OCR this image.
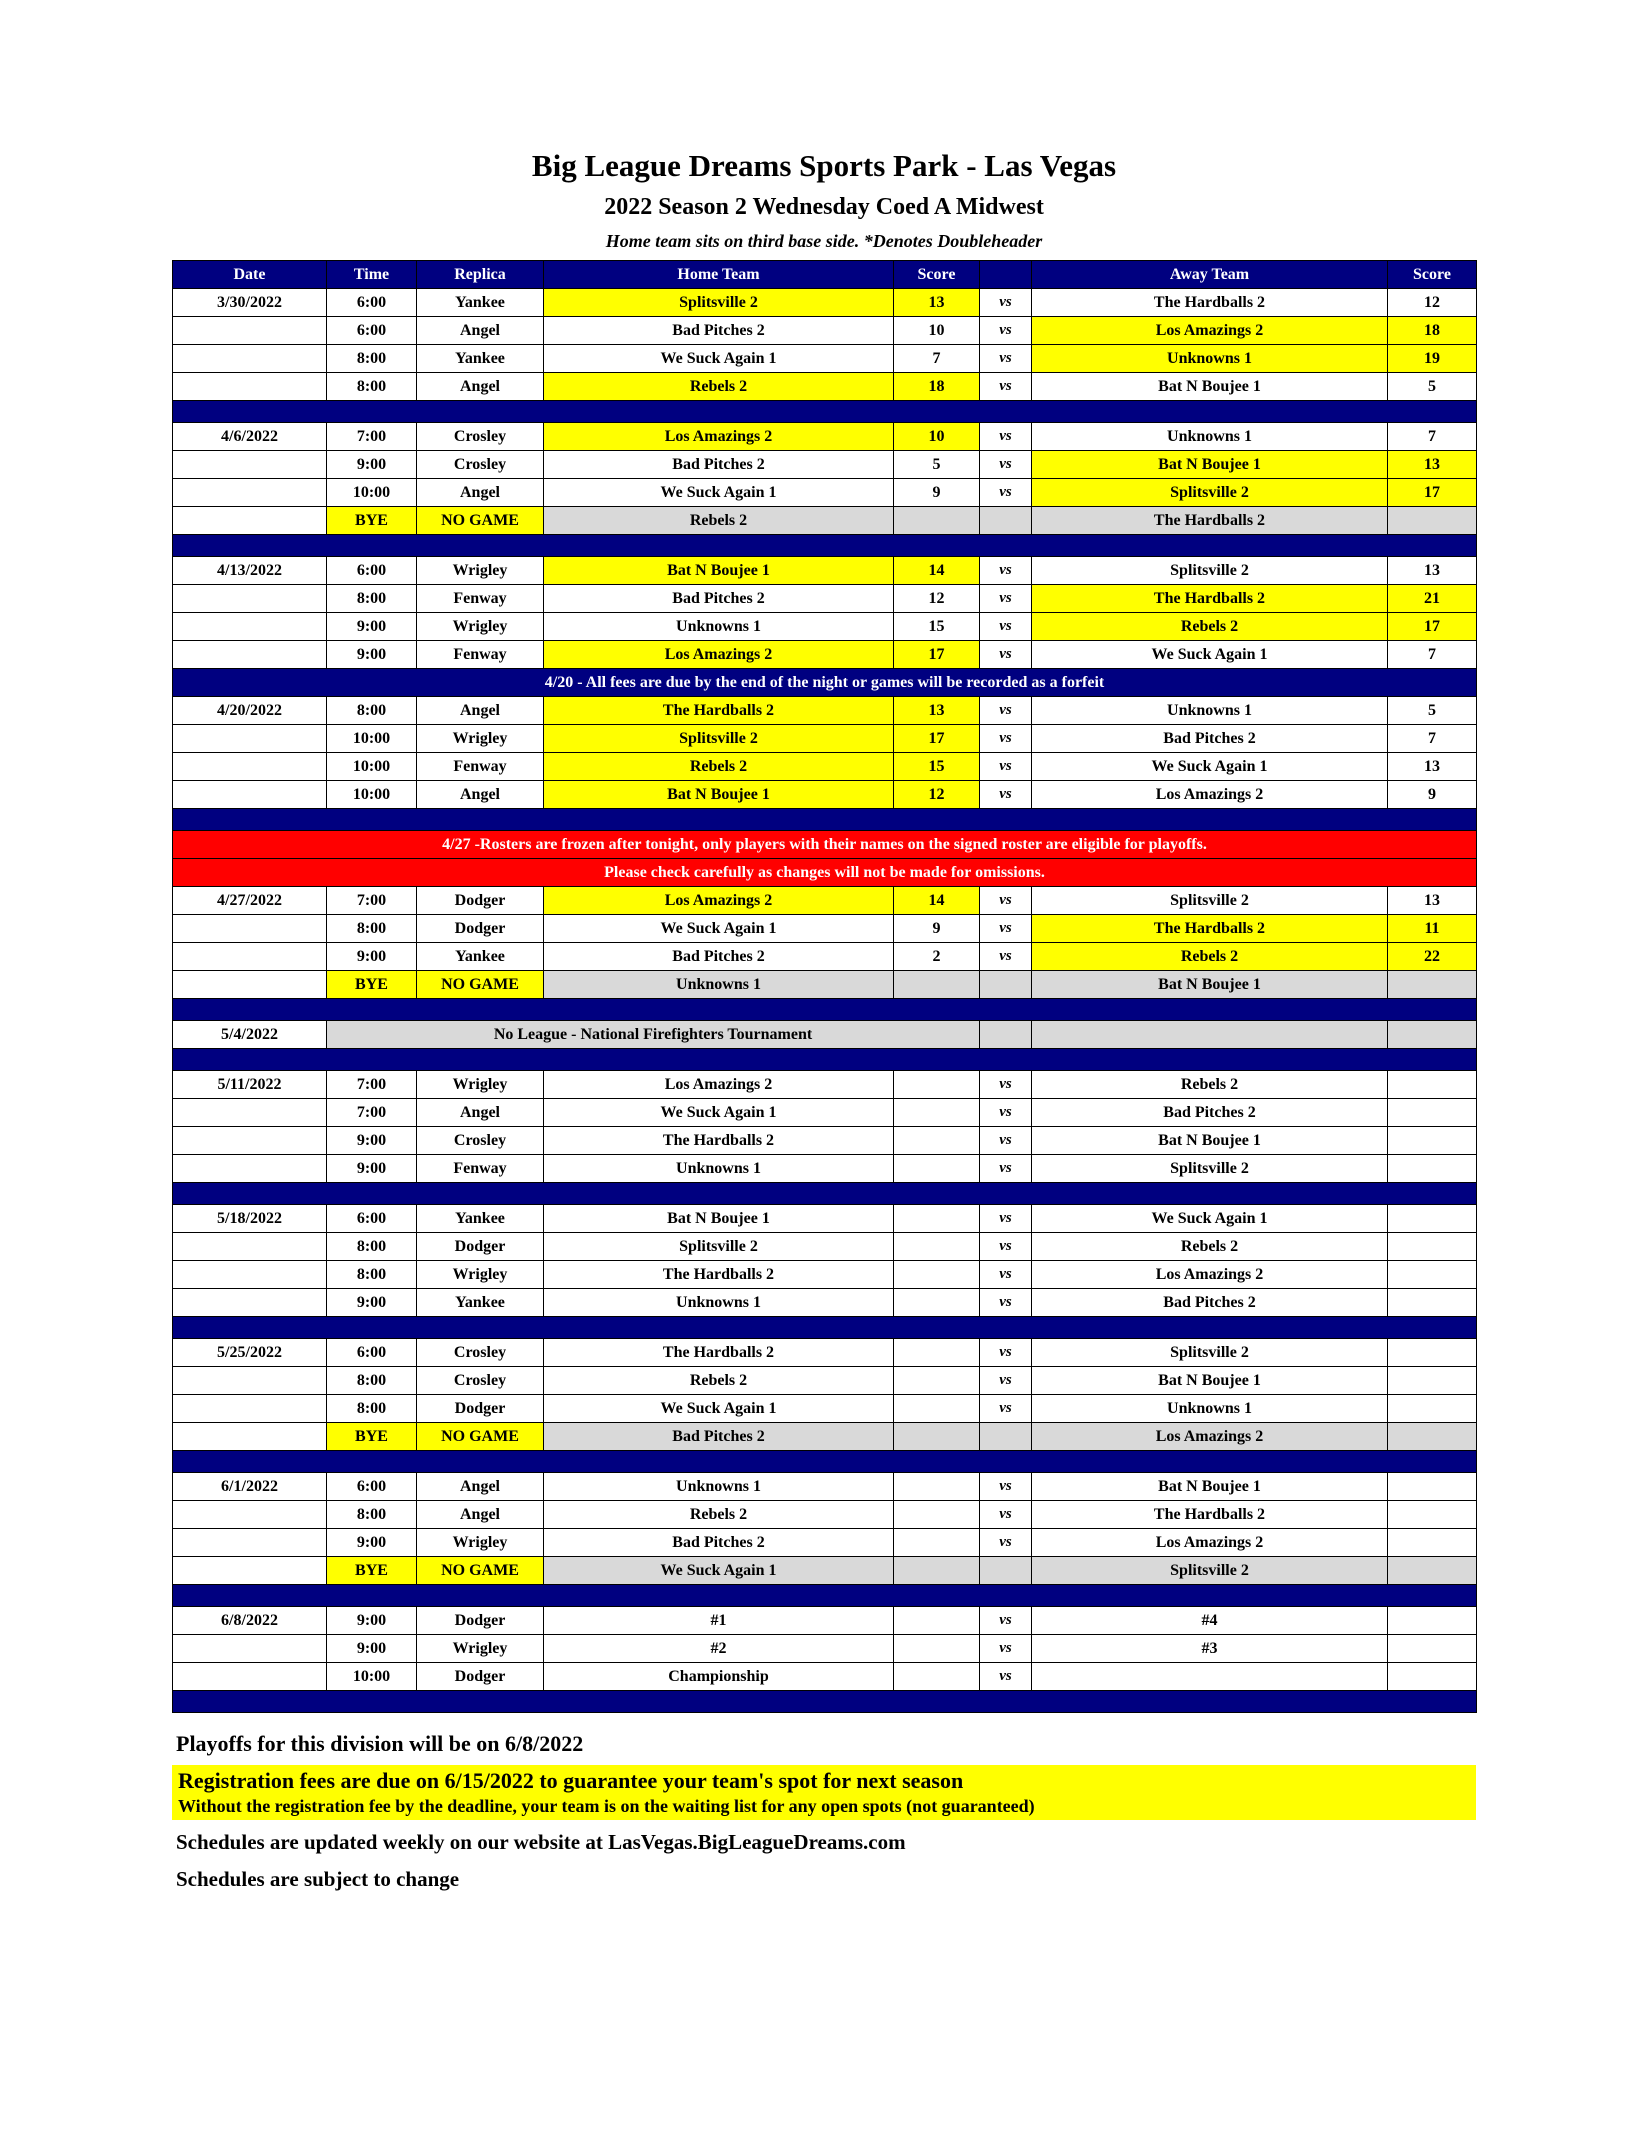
Big League Dreams Sports Park - Las Vegas
2022 Season 2 Wednesday Coed A Midwest
Home team sits on third base side. *Denotes Doubleheader
Date	Time	Replica	Home Team	Score		Away Team	Score
3/30/2022	6:00	Yankee	Splitsville 2	13	vs	The Hardballs 2	12
	6:00	Angel	Bad Pitches 2	10	vs	Los Amazings 2	18
	8:00	Yankee	We Suck Again 1	7	vs	Unknowns 1	19
	8:00	Angel	Rebels 2	18	vs	Bat N Boujee 1	5

4/6/2022	7:00	Crosley	Los Amazings 2	10	vs	Unknowns 1	7
	9:00	Crosley	Bad Pitches 2	5	vs	Bat N Boujee 1	13
	10:00	Angel	We Suck Again 1	9	vs	Splitsville 2	17
	BYE	NO GAME	Rebels 2			The Hardballs 2	

4/13/2022	6:00	Wrigley	Bat N Boujee 1	14	vs	Splitsville 2	13
	8:00	Fenway	Bad Pitches 2	12	vs	The Hardballs 2	21
	9:00	Wrigley	Unknowns 1	15	vs	Rebels 2	17
	9:00	Fenway	Los Amazings 2	17	vs	We Suck Again 1	7
4/20 - All fees are due by the end of the night or games will be recorded as a forfeit							
4/20/2022	8:00	Angel	The Hardballs 2	13	vs	Unknowns 1	5
	10:00	Wrigley	Splitsville 2	17	vs	Bad Pitches 2	7
	10:00	Fenway	Rebels 2	15	vs	We Suck Again 1	13
	10:00	Angel	Bat N Boujee 1	12	vs	Los Amazings 2	9

4/27 -Rosters are frozen after tonight, only players with their names on the signed roster are eligible for playoffs.							
Please check carefully as changes will not be made for omissions.							
4/27/2022	7:00	Dodger	Los Amazings 2	14	vs	Splitsville 2	13
	8:00	Dodger	We Suck Again 1	9	vs	The Hardballs 2	11
	9:00	Yankee	Bad Pitches 2	2	vs	Rebels 2	22
	BYE	NO GAME	Unknowns 1			Bat N Boujee 1	

5/4/2022	No League - National Firefighters Tournament						

5/11/2022	7:00	Wrigley	Los Amazings 2		vs	Rebels 2	
	7:00	Angel	We Suck Again 1		vs	Bad Pitches 2	
	9:00	Crosley	The Hardballs 2		vs	Bat N Boujee 1	
	9:00	Fenway	Unknowns 1		vs	Splitsville 2	

5/18/2022	6:00	Yankee	Bat N Boujee 1		vs	We Suck Again 1	
	8:00	Dodger	Splitsville 2		vs	Rebels 2	
	8:00	Wrigley	The Hardballs 2		vs	Los Amazings 2	
	9:00	Yankee	Unknowns 1		vs	Bad Pitches 2	

5/25/2022	6:00	Crosley	The Hardballs 2		vs	Splitsville 2	
	8:00	Crosley	Rebels 2		vs	Bat N Boujee 1	
	8:00	Dodger	We Suck Again 1		vs	Unknowns 1	
	BYE	NO GAME	Bad Pitches 2			Los Amazings 2	

6/1/2022	6:00	Angel	Unknowns 1		vs	Bat N Boujee 1	
	8:00	Angel	Rebels 2		vs	The Hardballs 2	
	9:00	Wrigley	Bad Pitches 2		vs	Los Amazings 2	
	BYE	NO GAME	We Suck Again 1			Splitsville 2	

6/8/2022	9:00	Dodger	#1		vs	#4	
	9:00	Wrigley	#2		vs	#3	
	10:00	Dodger	Championship		vs		

Playoffs for this division will be on 6/8/2022
Registration fees are due on 6/15/2022 to guarantee your team's spot for next season
Without the registration fee by the deadline, your team is on the waiting list for any open spots (not guaranteed)
Schedules are updated weekly on our website at LasVegas.BigLeagueDreams.com
Schedules are subject to change
